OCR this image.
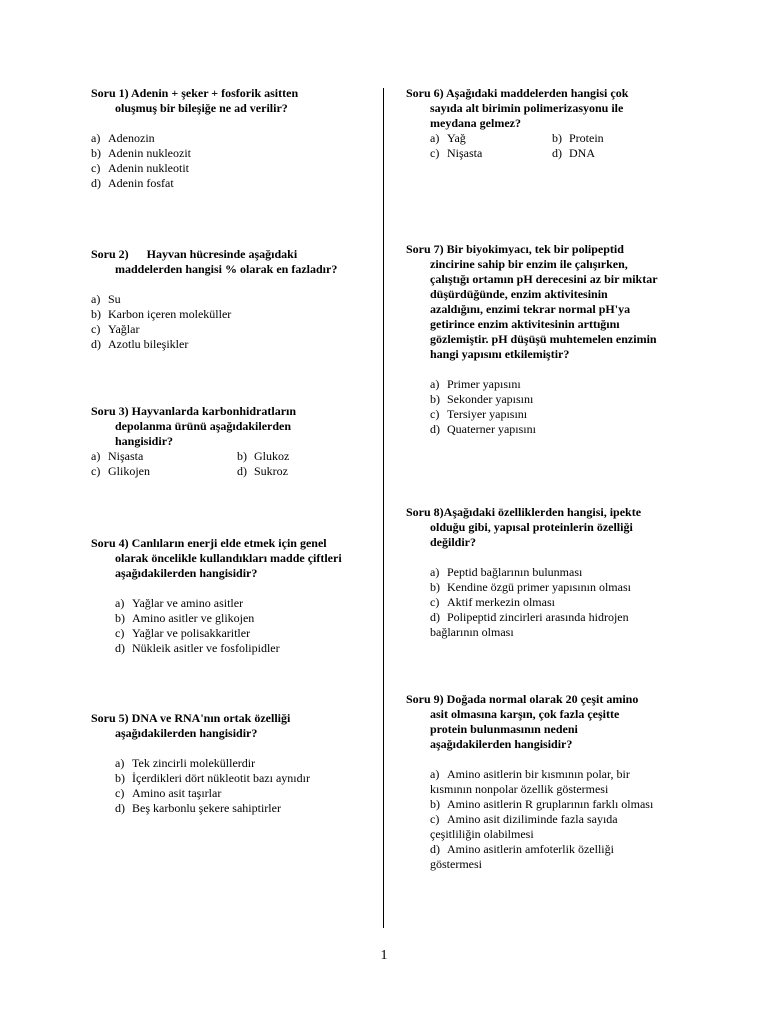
Soru 1) Adenin + şeker + fosforik asitten
oluşmuş bir bileşiğe ne ad verilir?
a) Adenozin
b) Adenin nukleozit
c) Adenin nukleotit
d) Adenin fosfat
Soru 2)      Hayvan hücresinde aşağıdaki
maddelerden hangisi % olarak en fazladır?
a) Su
b) Karbon içeren moleküller
c) Yağlar
d) Azotlu bileşikler
Soru 3) Hayvanlarda karbonhidratların
depolanma ürünü aşağıdakilerden
hangisidir?
a) Nişasta	b) Glukoz
c) Glikojen	d) Sukroz
Soru 4) Canlıların enerji elde etmek için genel
olarak öncelikle kullandıkları madde çiftleri
aşağıdakilerden hangisidir?
a) Yağlar ve amino asitler
b) Amino asitler ve glikojen
c) Yağlar ve polisakkaritler
d) Nükleik asitler ve fosfolipidler
Soru 5) DNA ve RNA'nın ortak özelliği
aşağıdakilerden hangisidir?
a) Tek zincirli moleküllerdir
b) İçerdikleri dört nükleotit bazı aynıdır
c) Amino asit taşırlar
d) Beş karbonlu şekere sahiptirler
Soru 6) Aşağıdaki maddelerden hangisi çok
sayıda alt birimin polimerizasyonu ile
meydana gelmez?
a) Yağ	b) Protein
c) Nişasta	d) DNA
Soru 7) Bir biyokimyacı, tek bir polipeptid
zincirine sahip bir enzim ile çalışırken,
çalıştığı ortamın pH derecesini az bir miktar
düşürdüğünde, enzim aktivitesinin
azaldığını, enzimi tekrar normal pH'ya
getirince enzim aktivitesinin arttığını
gözlemiştir. pH düşüşü muhtemelen enzimin
hangi yapısını etkilemiştir?
a) Primer yapısını
b) Sekonder yapısını
c) Tersiyer yapısını
d) Quaterner yapısını
Soru 8)Aşağıdaki özelliklerden hangisi, ipekte
olduğu gibi, yapısal proteinlerin özelliği
değildir?
a) Peptid bağlarının bulunması
b) Kendine özgü primer yapısının olması
c) Aktif merkezin olması
d) Polipeptid zincirleri arasında hidrojen
bağlarının olması
Soru 9) Doğada normal olarak 20 çeşit amino
asit olmasına karşın, çok fazla çeşitte
protein bulunmasının nedeni
aşağıdakilerden hangisidir?
a) Amino asitlerin bir kısmının polar, bir
kısmının nonpolar özellik göstermesi
b) Amino asitlerin R gruplarının farklı olması
c) Amino asit diziliminde fazla sayıda
çeşitliliğin olabilmesi
d) Amino asitlerin amfoterlik özelliği
göstermesi
1
